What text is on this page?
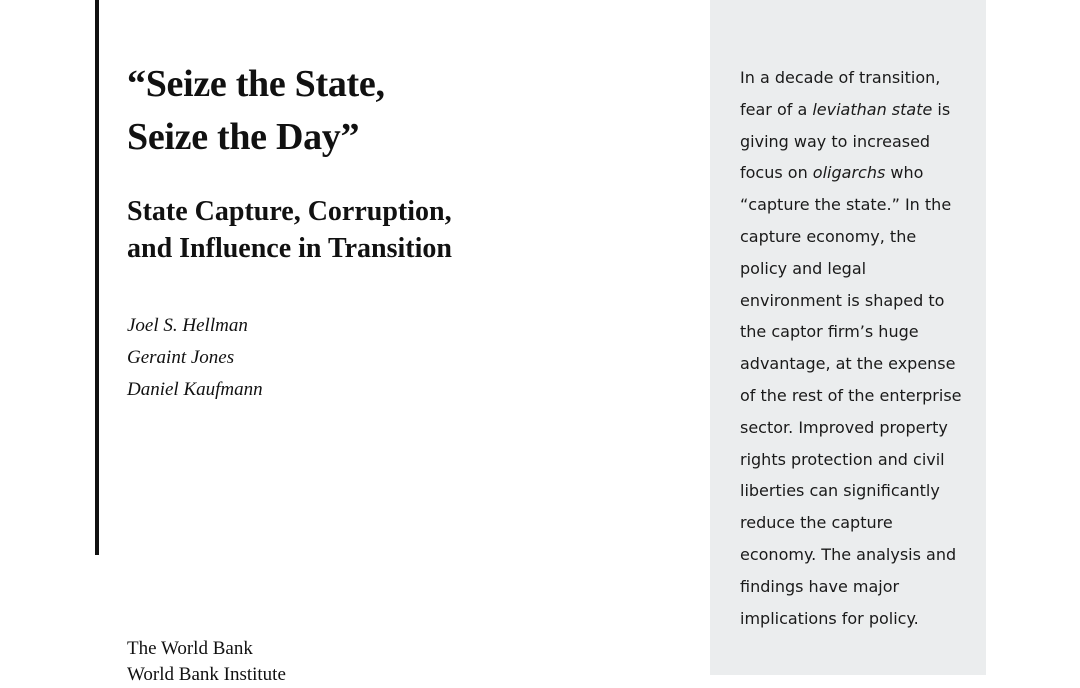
“Seize the State,
Seize the Day”
State Capture, Corruption,
and Influence in Transition
Joel S. Hellman
Geraint Jones
Daniel Kaufmann
The World Bank
World Bank Institute

In a decade of transition,
fear of a leviathan state is
giving way to increased
focus on oligarchs who
“capture the state.” In the
capture economy, the
policy and legal
environment is shaped to
the captor firm’s huge
advantage, at the expense
of the rest of the enterprise
sector. Improved property
rights protection and civil
liberties can significantly
reduce the capture
economy. The analysis and
findings have major
implications for policy.
